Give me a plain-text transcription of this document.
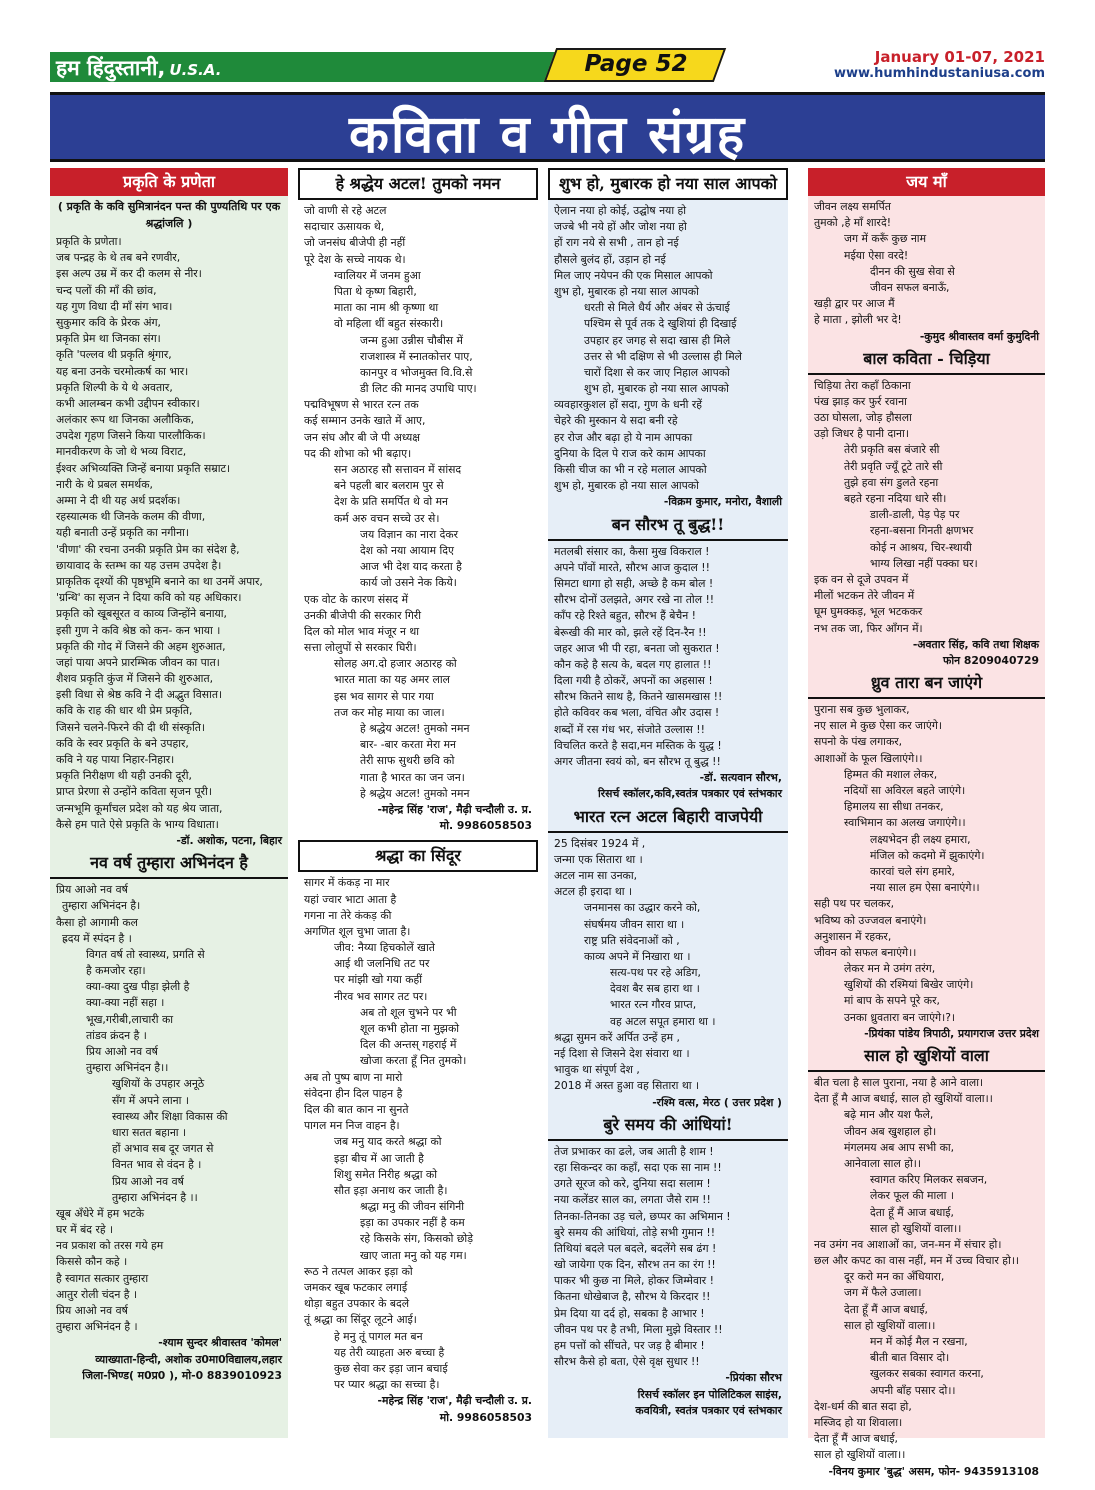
हम हिंदुस्तानी, U.S.A.	Page 52	January 01-07, 2021
www.humhindustaniusa.com
कविता व गीत संग्रह
प्रकृति के प्रणेता
( प्रकृति के कवि सुमित्रानंदन पन्त की पुण्यतिथि पर एक श्रद्धांजलि )
प्रकृति के प्रणेता।
जब पन्द्रह के थे तब बने रणवीर,
इस अल्प उम्र में कर दी कलम से नीर।
चन्द पलों की माँ की छांव,
यह गुण विधा दी माँ संग भाव।
सुकुमार कवि के प्रेरक अंग,
प्रकृति प्रेम था जिनका संग।
कृति 'पल्लव थी प्रकृति श्रृंगार,
यह बना उनके चरमोत्कर्ष का भार।
प्रकृति शिल्पी के ये थे अवतार,
कभी आलम्बन कभी उद्दीपन स्वीकार।
अलंकार रूप था जिनका अलौकिक,
उपदेश गृहण जिसने किया पारलौकिक।
मानवीकरण के जो थे भव्य विराट,
ईश्वर अभिव्यक्ति जिन्हें बनाया प्रकृति सम्राट।
नारी के थे प्रबल समर्थक,
अम्मा ने दी थी यह अर्थ प्रदर्शक।
रहस्यात्मक थी जिनके कलम की वीणा,
यही बनाती उन्हें प्रकृति का नगीना।
'वीणा' की रचना उनकी प्रकृति प्रेम का संदेश है,
छायावाद के स्तम्भ का यह उत्तम उपदेश है।
प्राकृतिक दृश्यों की पृष्ठभूमि बनाने का था उनमें अपार,
'ग्रन्थि' का सृजन ने दिया कवि को यह अधिकार।
प्रकृति को खूबसूरत व काव्य जिन्होंने बनाया,
इसी गुण ने कवि श्रेष्ठ को कन- कन भाया ।
प्रकृति की गोद में जिसने की अहम शुरुआत,
जहां पाया अपने प्रारम्भिक जीवन का पात।
शैशव प्रकृति कुंज में जिसने की शुरुआत,
इसी विधा से श्रेष्ठ कवि ने दी अद्भुत विसात।
कवि के राह की धार थी प्रेम प्रकृति,
जिसने चलने-फिरने की दी थी संस्कृति।
कवि के स्वर प्रकृति के बने उपहार,
कवि ने यह पाया निहार-निहार।
प्रकृति निरीक्षण थी यही उनकी दूरी,
प्राप्त प्रेरणा से उन्होंने कविता सृजन पूरी।
जन्मभूमि कूर्मांचल प्रदेश को यह श्रेय जाता,
कैसे हम पाते ऐसे प्रकृति के भाग्य विधाता।
-डॉ. अशोक, पटना, बिहार
नव वर्ष तुम्हारा अभिनंदन है
प्रिय आओ नव वर्ष
तुम्हारा अभिनंदन है।
कैसा हो आगामी कल
ह्रदय में स्पंदन है ।
विगत वर्ष तो स्वास्थ्य, प्रगति से
है कमजोर रहा।
क्या-क्या दुख पीड़ा झेली है
क्या-क्या नहीं सहा ।
भूख,गरीबी,लाचारी का
तांडव क्रंदन है ।
प्रिय आओ नव वर्ष
तुम्हारा अभिनंदन है।।
खुशियों के उपहार अनूठे
सँग में अपने लाना ।
स्वास्थ्य और शिक्षा विकास की
धारा सतत बहाना ।
हों अभाव सब दूर जगत से
विनत भाव से वंदन है ।
प्रिय आओ नव वर्ष
तुम्हारा अभिनंदन है ।।
खूब अँधेरे में हम भटके
घर में बंद रहे ।
नव प्रकाश को तरस गये हम
किससे कौन कहे ।
है स्वागत सत्कार तुम्हारा
आतुर रोली चंदन है ।
प्रिय आओ नव वर्ष
तुम्हारा अभिनंदन है ।
-श्याम सुन्दर श्रीवास्तव 'कोमल'
व्याख्याता-हिन्दी, अशोक उ0मा0विद्यालय,लहार
जिला-भिण्ड( म0प्र0 ), मो-0 8839010923
हे श्रद्धेय अटल! तुमको नमन
जो वाणी से रहे अटल
सदाचार ऊसायक थे,
जो जनसंघ बीजेपी ही नहीं
पूरे देश के सच्चे नायक थे।
ग्वालियर में जनम हुआ
पिता थे कृष्ण बिहारी,
माता का नाम श्री कृष्णा था
वो महिला थीं बहुत संस्कारी।
जन्म हुआ उन्नीस चौबीस में
राजशास्त्र में स्नातकोत्तर पाए,
कानपुर व भोजमुक्त वि.वि.से
डी लिट की मानद उपाधि पाए।
पद्मविभूषण से भारत रत्न तक
कई सम्मान उनके खाते में आए,
जन संघ और बी जे पी अध्यक्ष
पद की शोभा को भी बढ़ाए।
सन अठारह सौ सत्तावन में सांसद
बने पहली बार बलराम पुर से
देश के प्रति समर्पित थे वो मन
कर्म अरु वचन सच्चे उर से।
जय विज्ञान का नारा देकर
देश को नया आयाम दिए
आज भी देश याद करता है
कार्य जो उसने नेक किये।
एक वोट के कारण संसद में
उनकी बीजेपी की सरकार गिरी
दिल को मोल भाव मंजूर न था
सत्ता लोलुपों से सरकार घिरी।
सोलह अग.दो हजार अठारह को
भारत माता का यह अमर लाल
इस भव सागर से पार गया
तज कर मोह माया का जाल।
हे श्रद्धेय अटल! तुमको नमन
बार- -बार करता मेरा मन
तेरी साफ सुथरी छवि को
गाता है भारत का जन जन।
हे श्रद्धेय अटल! तुमको नमन
-महेन्द्र सिंह 'राज', मैढ़ी चन्दौली उ. प्र.
मो. 9986058503
श्रद्धा का सिंदूर
सागर में कंकड़ ना मार
यहां ज्वार भाटा आता है
गगना ना तेरे कंकड़ की
अगणित शूल चुभा जाता है।
जीव: नैय्या हिचकोलें खाते
आई थी जलनिधि तट पर
पर मांझी खो गया कहीं
नीरव भव सागर तट पर।
अब तो शूल चुभने पर भी
शूल कभी होता ना मुझको
दिल की अन्तस् गहराई में
खोजा करता हूँ नित तुमको।
अब तो पुष्प बाण ना मारो
संवेदना हीन दिल पाहन है
दिल की बात कान ना सुनते
पागल मन निज वाहन है।
जब मनु याद करते श्रद्धा को
इड़ा बीच में आ जाती है
शिशु समेत निरीह श्रद्धा को
सौत इड़ा अनाथ कर जाती है।
श्रद्धा मनु की जीवन संगिनी
इड़ा का उपकार नहीं है कम
रहे किसके संग, किसको छोड़े
खाए जाता मनु को यह गम।
रूठ ने तत्पल आकर इड़ा को
जमकर खूब फटकार लगाई
थोड़ा बहुत उपकार के बदले
तूं श्रद्धा का सिंदूर लूटने आई।
हे मनु तूं पागल मत बन
यह तेरी व्याहता अरु बच्चा है
कुछ सेवा कर इड़ा जान बचाई
पर प्यार श्रद्धा का सच्चा है।
-महेन्द्र सिंह 'राज', मैढ़ी चन्दौली उ. प्र.
मो. 9986058503
शुभ हो, मुबारक हो नया साल आपको
ऐलान नया हो कोई, उद्घोष नया हो
जज्बे भी नये हों और जोश नया हो
हों राग नये से सभी , तान हो नई
हौसले बुलंद हों, उड़ान हो नई
मिल जाए नयेपन की एक मिसाल आपको
शुभ हो, मुबारक हो नया साल आपको
धरती से मिले धैर्य और अंबर से ऊंचाई
पश्चिम से पूर्व तक दे खुशियां ही दिखाई
उपहार हर जगह से सदा खास ही मिले
उत्तर से भी दक्षिण से भी उल्लास ही मिले
चारों दिशा से कर जाए निहाल आपको
शुभ हो, मुबारक हो नया साल आपको
व्यवहारकुशल हों सदा, गुण के धनी रहें
चेहरे की मुस्कान ये सदा बनी रहे
हर रोज और बढ़ा हो ये नाम आपका
दुनिया के दिल पे राज करे काम आपका
किसी चीज का भी न रहे मलाल आपको
शुभ हो, मुबारक हो नया साल आपको
-विक्रम कुमार, मनोरा, वैशाली
बन सौरभ तू बुद्ध!!
मतलबी संसार का, कैसा मुख विकराल !
अपने पाँवों मारते, सौरभ आज कुदाल !!
सिमटा धागा हो सही, अच्छे है कम बोल !
सौरभ दोनों उलझते, अगर रखे ना तोल !!
काँप रहे रिश्ते बहुत, सौरभ हैं बेचैन !
बेरूखी की मार को, झले रहें दिन-रैन !!
जहर आज भी पी रहा, बनता जो सुकरात !
कौन कहे है सत्य के, बदल गए हालात !!
दिला गयी है ठोकरें, अपनों का अहसास !
सौरभ कितने साथ है, कितने खासमखास !!
होते कविवर कब भला, वंचित और उदास !
शब्दों में रस गंध भर, संजोते उल्लास !!
विचलित करते है सदा,मन मस्तिक के युद्ध !
अगर जीतना स्वयं को, बन सौरभ तू बुद्ध !!
-डॉ. सत्यवान सौरभ,
रिसर्च स्कॉलर,कवि,स्वतंत्र पत्रकार एवं स्तंभकार
भारत रत्न अटल बिहारी वाजपेयी
25 दिसंबर 1924 में ,
जन्मा एक सितारा था ।
अटल नाम सा उनका,
अटल ही इरादा था ।
जनमानस का उद्धार करने को,
संघर्षमय जीवन सारा था ।
राष्ट्र प्रति संवेदनाओं को ,
काव्य अपने में निखारा था ।
सत्य-पथ पर रहे अडिग,
देवश बैर सब हारा था ।
भारत रत्न गौरव प्राप्त,
वह अटल सपूत हमारा था ।
श्रद्धा सुमन करें अर्पित उन्हें हम ,
नई दिशा से जिसने देश संवारा था ।
भावुक था संपूर्ण देश ,
2018 में अस्त हुआ वह सितारा था ।
-रश्मि वत्स, मेरठ ( उत्तर प्रदेश )
बुरे समय की आंधियां!
तेज प्रभाकर का ढले, जब आती है शाम !
रहा सिकन्दर का कहाँ, सदा एक सा नाम !!
उगते सूरज को करे, दुनिया सदा सलाम !
नया कलेंडर साल का, लगता जैसे राम !!
तिनका-तिनका उड़ चले, छप्पर का अभिमान !
बुरे समय की आंधियां, तोड़े सभी गुमान !!
तिथियां बदले पल बदले, बदलेंगे सब ढंग !
खो जायेगा एक दिन, सौरभ तन का रंग !!
पाकर भी कुछ ना मिले, होकर जिम्मेवार !
कितना धोखेबाज है, सौरभ ये किरदार !!
प्रेम दिया या दर्द हो, सबका है आभार !
जीवन पथ पर है तभी, मिला मुझे विस्तार !!
हम पत्तों को सींचते, पर जड़ है बीमार !
सौरभ कैसे हो बता, ऐसे वृक्ष सुधार !!
-प्रियंका सौरभ
रिसर्च स्कॉलर इन पोलिटिकल साइंस,
कवयित्री, स्वतंत्र पत्रकार एवं स्तंभकार
जय माँ
जीवन लक्ष्य समर्पित
तुमको ,हे माँ शारदे!
जग में करूँ कुछ नाम
मईया ऐसा वरदे!
दीनन की सुख सेवा से
जीवन सफल बनाऊँ,
खड़ी द्वार पर आज मैं
हे माता , झोली भर दे!
-कुमुद श्रीवास्तव वर्मा कुमुदिनी
बाल कविता - चिड़िया
चिड़िया तेरा कहाँ ठिकाना
पंख झाड़ कर फुर्र रवाना
उठा घोसला, जोड़ हौसला
उड़ो जिधर है पानी दाना।
तेरी प्रकृति बस बंजारे सी
तेरी प्रवृति ज्यूँ टूटे तारे सी
तुझे हवा संग डुलते रहना
बहते रहना नदिया धारे सी।
डाली-डाली, पेड़ पेड़ पर
रहना-बसना गिनती क्षणभर
कोई न आश्रय, चिर-स्थायी
भाग्य लिखा नहीं पक्का घर।
इक वन से दूजे उपवन में
मीलों भटकन तेरे जीवन में
घूम घुमक्कड़, भूल भटककर
नभ तक जा, फिर आँगन में।
-अवतार सिंह, कवि तथा शिक्षक
फोन 8209040729
ध्रुव तारा बन जाएंगे
पुराना सब कुछ भुलाकर,
नए साल मे कुछ ऐसा कर जाएंगे।
सपनो के पंख लगाकर,
आशाओं के फूल खिलाएंगे।।
हिम्मत की मशाल लेकर,
नदियों सा अविरल बहते जाएंगे।
हिमालय सा सीधा तनकर,
स्वाभिमान का अलख जगाएंगे।।
लक्ष्यभेदन ही लक्ष्य हमारा,
मंजिल को कदमो में झुकाएंगे।
कारवां चले संग हमारे,
नया साल हम ऐसा बनाएंगे।।
सही पथ पर चलकर,
भविष्य को उज्जवल बनाएंगे।
अनुशासन में रहकर,
जीवन को सफल बनाएंगे।।
लेकर मन मे उमंग तरंग,
खुशियों की रश्मियां बिखेर जाएंगे।
मां बाप के सपने पूरे कर,
उनका ध्रुवतारा बन जाएंगे।?।
-प्रियंका पांडेय त्रिपाठी, प्रयागराज उत्तर प्रदेश
साल हो खुशियों वाला
बीत चला है साल पुराना, नया है आने वाला।
देता हूँ मै आज बधाई, साल हो खुशियों वाला।।
बढ़े मान और यश फैले,
जीवन अब खुशहाल हो।
मंगलमय अब आप सभी का,
आनेवाला साल हो।।
स्वागत करिए मिलकर सबजन,
लेकर फूल की माला ।
देता हूँ मैं आज बधाई,
साल हो खुशियों वाला।।
नव उमंग नव आशाओं का, जन-मन में संचार हो।
छल और कपट का वास नहीं, मन में उच्च विचार हो।।
दूर करो मन का अँधियारा,
जग में फैले उजाला।
देता हूँ मैं आज बधाई,
साल हो खुशियों वाला।।
मन में कोई मैल न रखना,
बीती बात विसार दो।
खुलकर सबका स्वागत करना,
अपनी बाँह पसार दो।।
देश-धर्म की बात सदा हो,
मस्जिद हो या शिवाला।
देता हूँ मैं आज बधाई,
साल हो खुशियों वाला।।
-विनय कुमार 'बुद्ध' असम, फोन- 9435913108
